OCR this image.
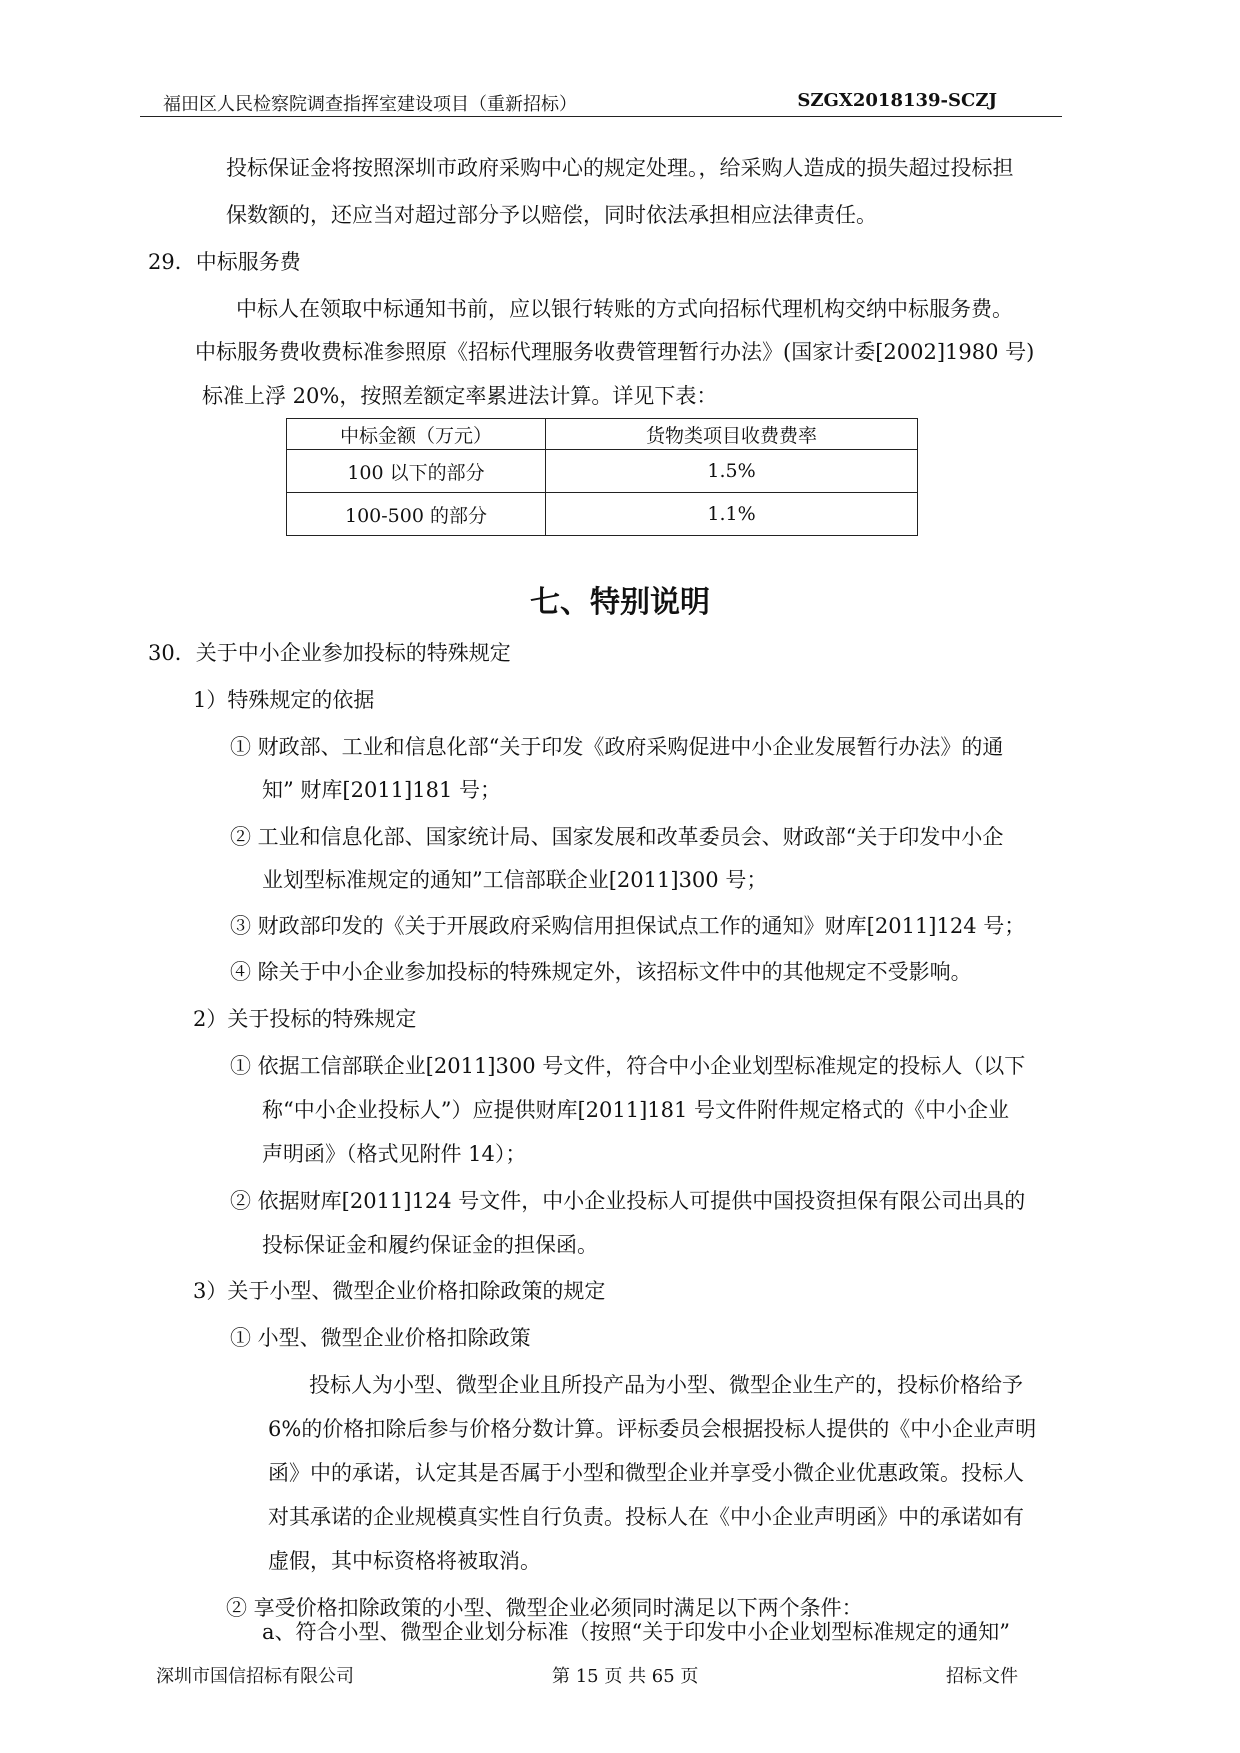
福田区人民检察院调查指挥室建设项目（重新招标）	SZGX2018139-SCZJ
投标保证金将按照深圳市政府采购中心的规定处理。，给采购人造成的损失超过投标担
保数额的，还应当对超过部分予以赔偿，同时依法承担相应法律责任。
29．中标服务费
中标人在领取中标通知书前，应以银行转账的方式向招标代理机构交纳中标服务费。
中标服务费收费标准参照原《招标代理服务收费管理暂行办法》(国家计委[2002]1980 号)
标准上浮 20%，按照差额定率累进法计算。详见下表：
中标金额（万元）	货物类项目收费费率
100 以下的部分	1.5%
100-500 的部分	1.1%
七、特别说明
30．关于中小企业参加投标的特殊规定
1）特殊规定的依据
① 财政部、工业和信息化部“关于印发《政府采购促进中小企业发展暂行办法》的通
知” 财库[2011]181 号；
② 工业和信息化部、国家统计局、国家发展和改革委员会、财政部“关于印发中小企
业划型标准规定的通知”工信部联企业[2011]300 号；
③ 财政部印发的《关于开展政府采购信用担保试点工作的通知》财库[2011]124 号；
④ 除关于中小企业参加投标的特殊规定外，该招标文件中的其他规定不受影响。
2）关于投标的特殊规定
① 依据工信部联企业[2011]300 号文件，符合中小企业划型标准规定的投标人（以下
称“中小企业投标人”）应提供财库[2011]181 号文件附件规定格式的《中小企业
声明函》（格式见附件 14）；
② 依据财库[2011]124 号文件，中小企业投标人可提供中国投资担保有限公司出具的
投标保证金和履约保证金的担保函。
3）关于小型、微型企业价格扣除政策的规定
① 小型、微型企业价格扣除政策
投标人为小型、微型企业且所投产品为小型、微型企业生产的，投标价格给予
6%的价格扣除后参与价格分数计算。评标委员会根据投标人提供的《中小企业声明
函》中的承诺，认定其是否属于小型和微型企业并享受小微企业优惠政策。投标人
对其承诺的企业规模真实性自行负责。投标人在《中小企业声明函》中的承诺如有
虚假，其中标资格将被取消。
② 享受价格扣除政策的小型、微型企业必须同时满足以下两个条件：
a、符合小型、微型企业划分标准（按照“关于印发中小企业划型标准规定的通知”
深圳市国信招标有限公司	第 15 页 共 65 页	招标文件
